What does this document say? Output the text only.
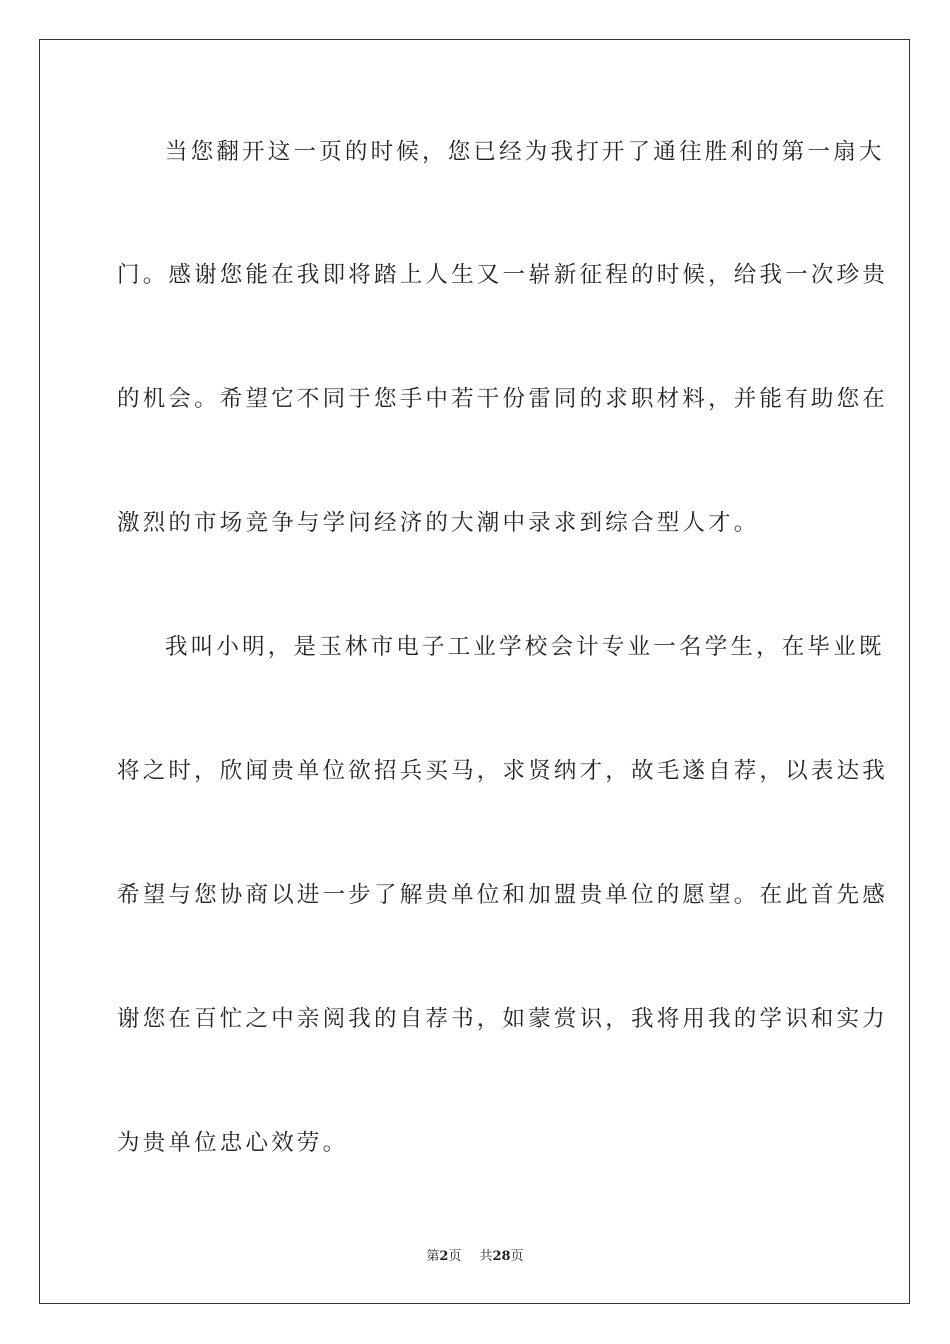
当您翻开这一页的时候，您已经为我打开了通往胜利的第一扇大
门。感谢您能在我即将踏上人生又一崭新征程的时候，给我一次珍贵
的机会。希望它不同于您手中若干份雷同的求职材料，并能有助您在
激烈的市场竞争与学问经济的大潮中录求到综合型人才。
我叫小明，是玉林市电子工业学校会计专业一名学生，在毕业既
将之时，欣闻贵单位欲招兵买马，求贤纳才，故毛遂自荐，以表达我
希望与您协商以进一步了解贵单位和加盟贵单位的愿望。在此首先感
谢您在百忙之中亲阅我的自荐书，如蒙赏识，我将用我的学识和实力
为贵单位忠心效劳。
第2页 共28页
